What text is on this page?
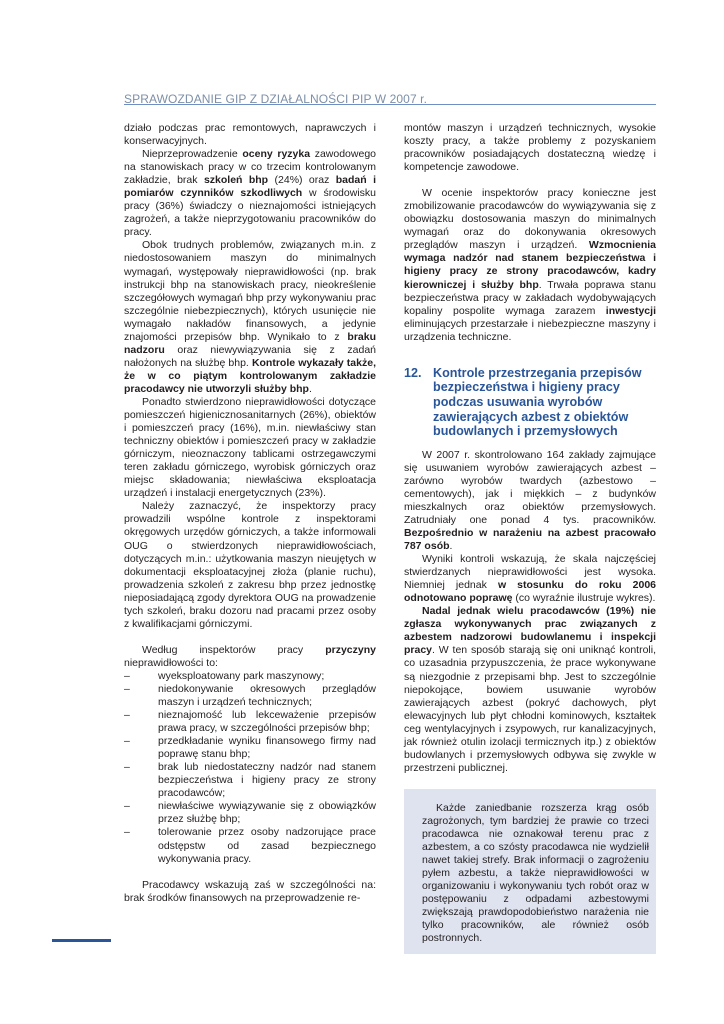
SPRAWOZDANIE GIP Z DZIAŁALNOŚCI PIP W 2007 r.

działo podczas prac remontowych, naprawczych i konserwacyjnych.

Nieprzeprowadzenie oceny ryzyka zawodowego na stanowiskach pracy w co trzecim kontrolowanym zakładzie, brak szkoleń bhp (24%) oraz badań i pomiarów czynników szkodliwych w środowisku pracy (36%) świadczy o nieznajomości istniejących zagrożeń, a także nieprzygotowaniu pracowników do pracy.

Obok trudnych problemów, związanych m.in. z niedostosowaniem maszyn do minimalnych wymagań, występowały nieprawidłowości (np. brak instrukcji bhp na stanowiskach pracy, nieokreślenie szczegółowych wymagań bhp przy wykonywaniu prac szczególnie niebezpiecznych), których usunięcie nie wymagało nakładów finansowych, a jedynie znajomości przepisów bhp. Wynikało to z braku nadzoru oraz niewywiązywania się z zadań nałożonych na służbę bhp. Kontrole wykazały także, że w co piątym kontrolowanym zakładzie pracodawcy nie utworzyli służby bhp.

Ponadto stwierdzono nieprawidłowości dotyczące pomieszczeń higienicznosanitarnych (26%), obiektów i pomieszczeń pracy (16%), m.in. niewłaściwy stan techniczny obiektów i pomieszczeń pracy w zakładzie górniczym, nieoznaczony tablicami ostrzegawczymi teren zakładu górniczego, wyrobisk górniczych oraz miejsc składowania; niewłaściwa eksploatacja urządzeń i instalacji energetycznych (23%).

Należy zaznaczyć, że inspektorzy pracy prowadzili wspólne kontrole z inspektorami okręgowych urzędów górniczych, a także informowali OUG o stwierdzonych nieprawidłowościach, dotyczących m.in.: użytkowania maszyn nieujętych w dokumentacji eksploatacyjnej złoża (planie ruchu), prowadzenia szkoleń z zakresu bhp przez jednostkę nieposiadającą zgody dyrektora OUG na prowadzenie tych szkoleń, braku dozoru nad pracami przez osoby z kwalifikacjami górniczymi.

Według inspektorów pracy przyczyny nieprawidłowości to:

– wyeksploatowany park maszynowy;
– niedokonywanie okresowych przeglądów maszyn i urządzeń technicznych;
– nieznajomość lub lekceważenie przepisów prawa pracy, w szczególności przepisów bhp;
– przedkładanie wyniku finansowego firmy nad poprawę stanu bhp;
– brak lub niedostateczny nadzór nad stanem bezpieczeństwa i higieny pracy ze strony pracodawców;
– niewłaściwe wywiązywanie się z obowiązków przez służbę bhp;
– tolerowanie przez osoby nadzorujące prace odstępstw od zasad bezpiecznego wykonywania pracy.

Pracodawcy wskazują zaś w szczególności na: brak środków finansowych na przeprowadzenie re-

montów maszyn i urządzeń technicznych, wysokie koszty pracy, a także problemy z pozyskaniem pracowników posiadających dostateczną wiedzę i kompetencje zawodowe.

W ocenie inspektorów pracy konieczne jest zmobilizowanie pracodawców do wywiązywania się z obowiązku dostosowania maszyn do minimalnych wymagań oraz do dokonywania okresowych przeglądów maszyn i urządzeń. Wzmocnienia wymaga nadzór nad stanem bezpieczeństwa i higieny pracy ze strony pracodawców, kadry kierowniczej i służby bhp. Trwała poprawa stanu bezpieczeństwa pracy w zakładach wydobywających kopaliny pospolite wymaga zarazem inwestycji eliminujących przestarzałe i niebezpieczne maszyny i urządzenia techniczne.

12. Kontrole przestrzegania przepisów bezpieczeństwa i higieny pracy podczas usuwania wyrobów zawierających azbest z obiektów budowlanych i przemysłowych

W 2007 r. skontrolowano 164 zakłady zajmujące się usuwaniem wyrobów zawierających azbest – zarówno wyrobów twardych (azbestowo – cementowych), jak i miękkich – z budynków mieszkalnych oraz obiektów przemysłowych. Zatrudniały one ponad 4 tys. pracowników. Bezpośrednio w narażeniu na azbest pracowało 787 osób.

Wyniki kontroli wskazują, że skala najczęściej stwierdzanych nieprawidłowości jest wysoka. Niemniej jednak w stosunku do roku 2006 odnotowano poprawę (co wyraźnie ilustruje wykres).

Nadal jednak wielu pracodawców (19%) nie zgłasza wykonywanych prac związanych z azbestem nadzorowi budowlanemu i inspekcji pracy. W ten sposób starają się oni uniknąć kontroli, co uzasadnia przypuszczenia, że prace wykonywane są niezgodnie z przepisami bhp. Jest to szczególnie niepokojące, bowiem usuwanie wyrobów zawierających azbest (pokryć dachowych, płyt elewacyjnych lub płyt chłodni kominowych, kształtek ceg wentylacyjnych i zsypowych, rur kanalizacyjnych, jak również otulin izolacji termicznych itp.) z obiektów budowlanych i przemysłowych odbywa się zwykle w przestrzeni publicznej.

Każde zaniedbanie rozszerza krąg osób zagrożonych, tym bardziej że prawie co trzeci pracodawca nie oznakował terenu prac z azbestem, a co szósty pracodawca nie wydzielił nawet takiej strefy. Brak informacji o zagrożeniu pyłem azbestu, a także nieprawidłowości w organizowaniu i wykonywaniu tych robót oraz w postępowaniu z odpadami azbestowymi zwiększają prawdopodobieństwo narażenia nie tylko pracowników, ale również osób postronnych.
